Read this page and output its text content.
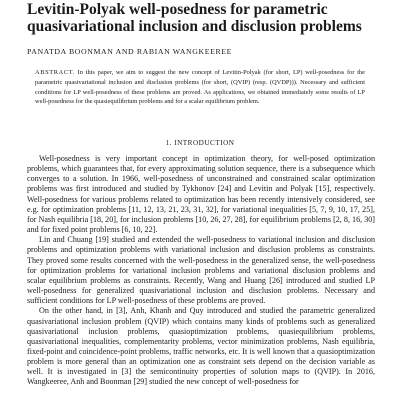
Levitin-Polyak well-posedness for parametric quasivariational inclusion and disclusion problems
PANATDA BOONMAN AND RABIAN WANGKEEREE
ABSTRACT. In this paper, we aim to suggest the new concept of Levitin-Polyak (for short, LP) well-posedness for the parametric quasivariational inclusion and disclusion problems (for short, (QVIP) (resp. (QVDP))). Necessary and sufficient conditions for LP well-posedness of these problems are proved. As applications, we obtained immediately some results of LP well-posedness for the quasiequilibrium problems and for a scalar equilibrium problem.
1. INTRODUCTION

Well-posedness is very important concept in optimization theory, for well-posed optimization problems, which guarantees that, for every approximating solution sequence, there is a subsequence which converges to a solution. In 1966, well-posedness of unconstrained and constrained scalar optimization problems was first introduced and studied by Tykhonov [24] and Levitin and Polyak [15], respectively. Well-posedness for various problems related to optimization has been recently intensively considered, see e.g. for optimization problems [11, 12, 13, 21, 23, 31, 32], for variational inequalities [5, 7, 9, 10, 17, 25], for Nash equilibria [18, 20], for inclusion problems [10, 26, 27, 28], for equilibrium problems [2, 8, 16, 30] and for fixed point problems [6, 10, 22].

Lin and Chuang [19] studied and extended the well-posedness to variational inclusion and disclusion problems and optimization problems with variational inclusion and disclusion problems as constraints. They proved some results concerned with the well-posedness in the generalized sense, the well-posedness for optimization problems for variational inclusion problems and variational disclusion problems and scalar equilibrium problems as constraints. Recently, Wang and Huang [26] introduced and studied LP well-posedness for generalized quasivariational inclusion and disclusion problems. Necessary and sufficient conditions for LP well-posedness of these problems are proved.

On the other hand, in [3], Anh, Khanh and Quy introduced and studied the parametric generalized quasivariational inclusion problem (QVIP) which contains many kinds of problems such as generalized quasivariational inclusion problems, quasioptimization problems, quasiequilibrium problems, quasivariational inequalities, complementarity problems, vector minimization problems, Nash equilibria, fixed-point and coincidence-point problems, traffic networks, etc. It is well known that a quasioptimization problem is more general than an optimization one as constraint sets depend on the decision variable as well. It is investigated in [3] the semicontinuity properties of solution maps to (QVIP). In 2016, Wangkeeree, Anh and Boonman [29] studied the new concept of well-posedness for
